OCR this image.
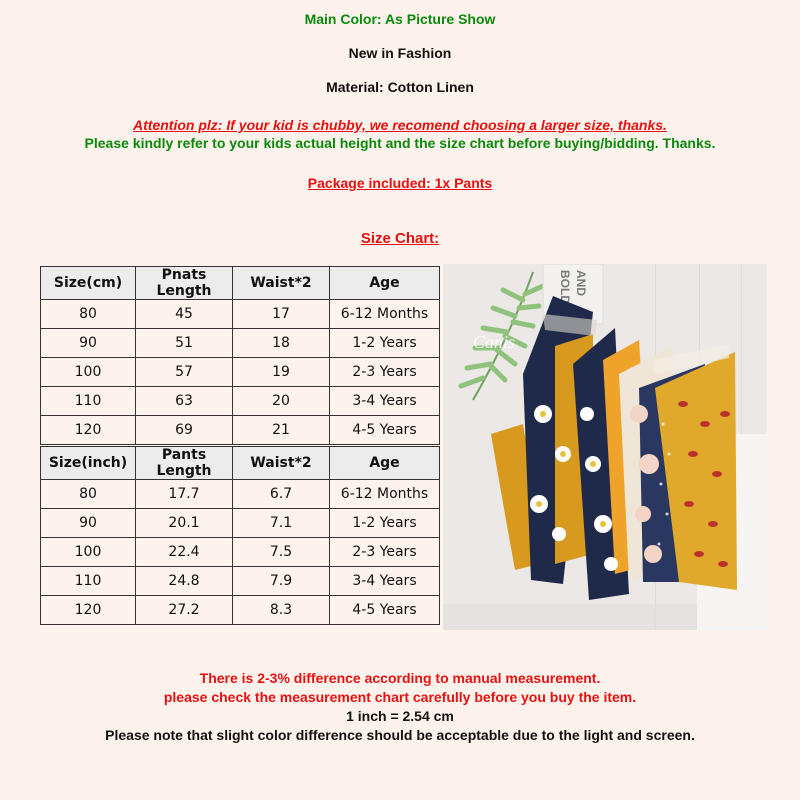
Main Color: As Picture Show
New in Fashion
Material: Cotton Linen
Attention plz: If your kid is chubby, we recomend choosing a larger size, thanks.
Please kindly refer to your kids actual height and the size chart before buying/bidding. Thanks.
Package included: 1x Pants
Size Chart:
Size(cm)	Pnats Length	Waist*2	Age
80	45	17	6-12 Months
90	51	18	1-2 Years
100	57	19	2-3 Years
110	63	20	3-4 Years
120	69	21	4-5 Years
Size(inch)	Pants Length	Waist*2	Age
80	17.7	6.7	6-12 Months
90	20.1	7.1	1-2 Years
100	22.4	7.5	2-3 Years
110	24.8	7.9	3-4 Years
120	27.2	8.3	4-5 Years
AND
BOLD
Canis
There is 2-3% difference according to manual measurement.
please check the measurement chart carefully before you buy the item.
1 inch = 2.54 cm
Please note that slight color difference should be acceptable due to the light and screen.
